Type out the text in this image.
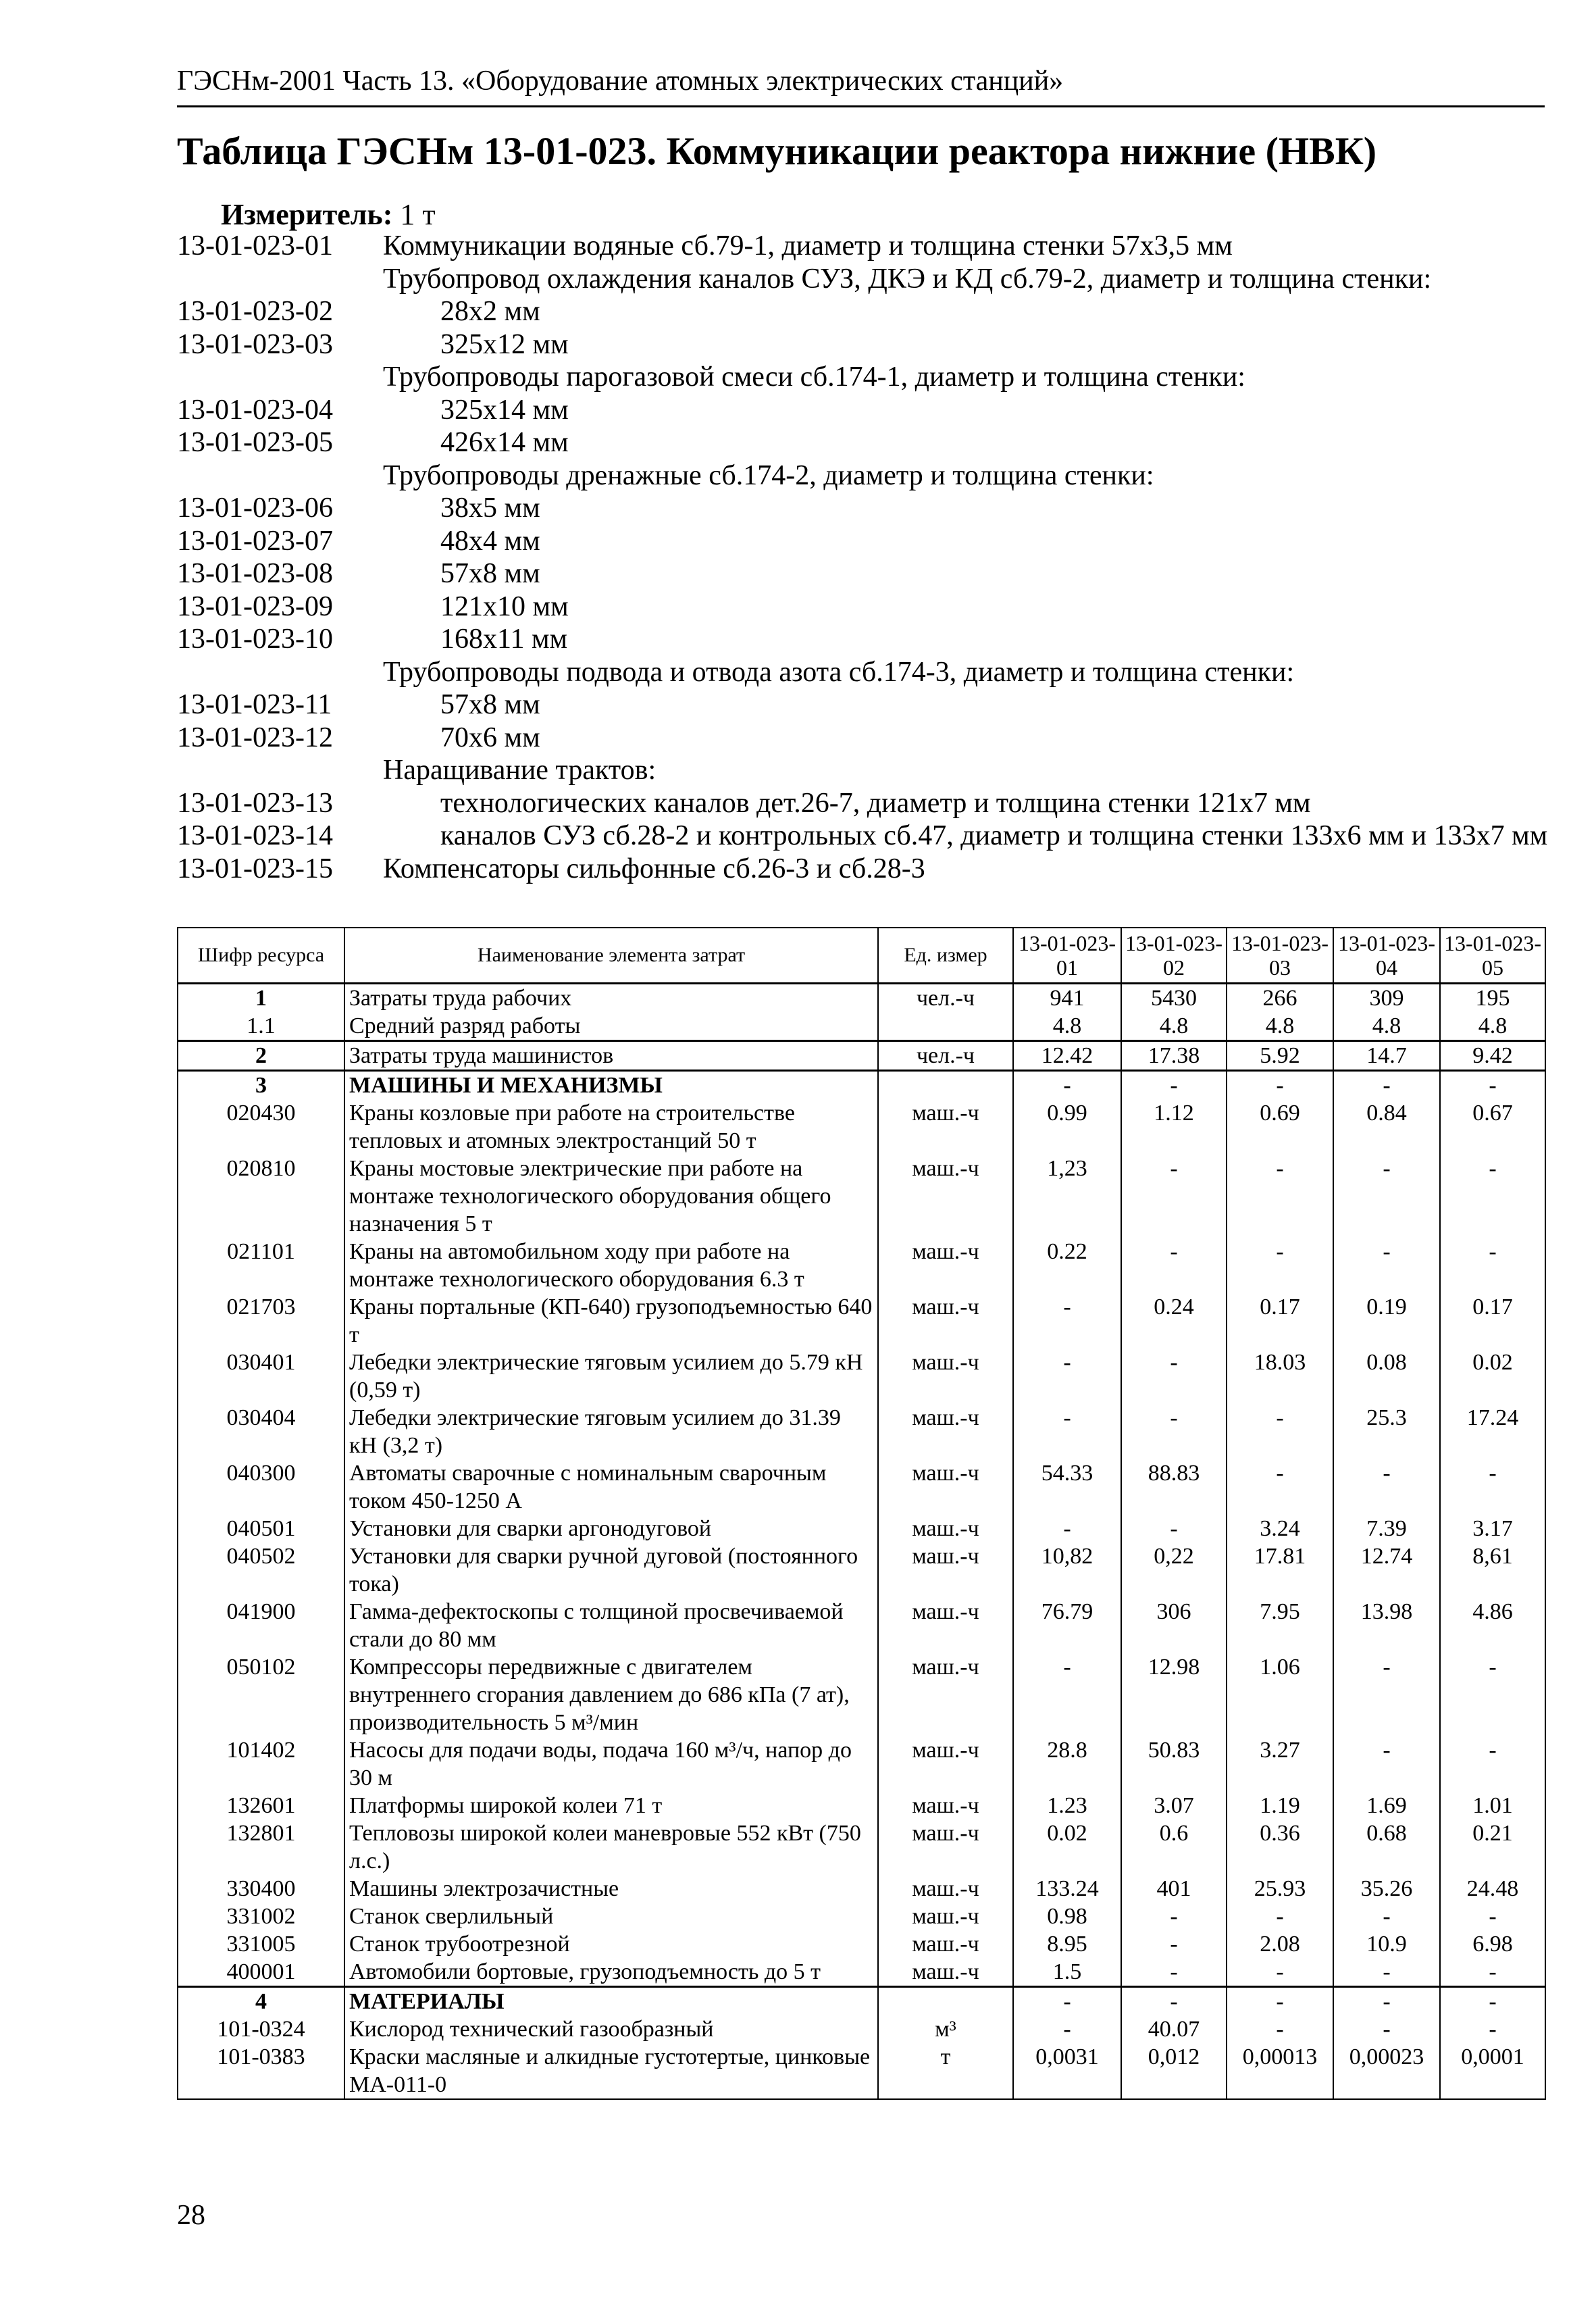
ГЭСНм-2001 Часть 13. «Оборудование атомных электрических станций»
Таблица ГЭСНм 13-01-023. Коммуникации реактора нижние (НВК)
Измеритель: 1 т
13-01-023-01 Коммуникации водяные сб.79-1, диаметр и толщина стенки 57х3,5 мм
Трубопровод охлаждения каналов СУЗ, ДКЭ и КД сб.79-2, диаметр и толщина стенки:
13-01-023-02	28х2 мм
13-01-023-03	325х12 мм
Трубопроводы парогазовой смеси сб.174-1, диаметр и толщина стенки:
13-01-023-04	325х14 мм
13-01-023-05	426х14 мм
Трубопроводы дренажные сб.174-2, диаметр и толщина стенки:
13-01-023-06	38х5 мм
13-01-023-07	48х4 мм
13-01-023-08	57х8 мм
13-01-023-09	121х10 мм
13-01-023-10	168х11 мм
Трубопроводы подвода и отвода азота сб.174-3, диаметр и толщина стенки:
13-01-023-11	57х8 мм
13-01-023-12	70х6 мм
Наращивание трактов:
13-01-023-13	технологических каналов дет.26-7, диаметр и толщина стенки 121х7 мм
13-01-023-14	каналов СУЗ сб.28-2 и контрольных сб.47, диаметр и толщина стенки 133х6 мм и 133х7 мм
13-01-023-15 Компенсаторы сильфонные сб.26-3 и сб.28-3
Шифр ресурса	Наименование элемента затрат	Ед. измер	13-01-023-01	13-01-023-02	13-01-023-03	13-01-023-04	13-01-023-05
1	Затраты труда рабочих	чел.-ч	941	5430	266	309	195
1.1	Средний разряд работы		4.8	4.8	4.8	4.8	4.8
2	Затраты труда машинистов	чел.-ч	12.42	17.38	5.92	14.7	9.42
3	МАШИНЫ И МЕХАНИЗМЫ		-	-	-	-	-
020430	Краны козловые при работе на строительстве тепловых и атомных электростанций 50 т	маш.-ч	0.99	1.12	0.69	0.84	0.67
020810	Краны мостовые электрические при работе на монтаже технологического оборудования общего назначения 5 т	маш.-ч	1,23	-	-	-	-
021101	Краны на автомобильном ходу при работе на монтаже технологического оборудования 6.3 т	маш.-ч	0.22	-	-	-	-
021703	Краны портальные (КП-640) грузоподъемностью 640 т	маш.-ч	-	0.24	0.17	0.19	0.17
030401	Лебедки электрические тяговым усилием до 5.79 кН (0,59 т)	маш.-ч	-	-	18.03	0.08	0.02
030404	Лебедки электрические тяговым усилием до 31.39 кН (3,2 т)	маш.-ч	-	-	-	25.3	17.24
040300	Автоматы сварочные с номинальным сварочным током 450-1250 А	маш.-ч	54.33	88.83	-	-	-
040501	Установки для сварки аргонодуговой	маш.-ч	-	-	3.24	7.39	3.17
040502	Установки для сварки ручной дуговой (постоянного тока)	маш.-ч	10,82	0,22	17.81	12.74	8,61
041900	Гамма-дефектоскопы с толщиной просвечиваемой стали до 80 мм	маш.-ч	76.79	306	7.95	13.98	4.86
050102	Компрессоры передвижные с двигателем внутреннего сгорания давлением до 686 кПа (7 ат), производительность 5 м³/мин	маш.-ч	-	12.98	1.06	-	-
101402	Насосы для подачи воды, подача 160 м³/ч, напор до 30 м	маш.-ч	28.8	50.83	3.27	-	-
132601	Платформы широкой колеи 71 т	маш.-ч	1.23	3.07	1.19	1.69	1.01
132801	Тепловозы широкой колеи маневровые 552 кВт (750 л.с.)	маш.-ч	0.02	0.6	0.36	0.68	0.21
330400	Машины электрозачистные	маш.-ч	133.24	401	25.93	35.26	24.48
331002	Станок сверлильный	маш.-ч	0.98	-	-	-	-
331005	Станок трубоотрезной	маш.-ч	8.95	-	2.08	10.9	6.98
400001	Автомобили бортовые, грузоподъемность до 5 т	маш.-ч	1.5	-	-	-	-
4	МАТЕРИАЛЫ		-	-	-	-	-
101-0324	Кислород технический газообразный	м³	-	40.07	-	-	-
101-0383	Краски масляные и алкидные густотертые, цинковые МА-011-0	т	0,0031	0,012	0,00013	0,00023	0,0001
28
